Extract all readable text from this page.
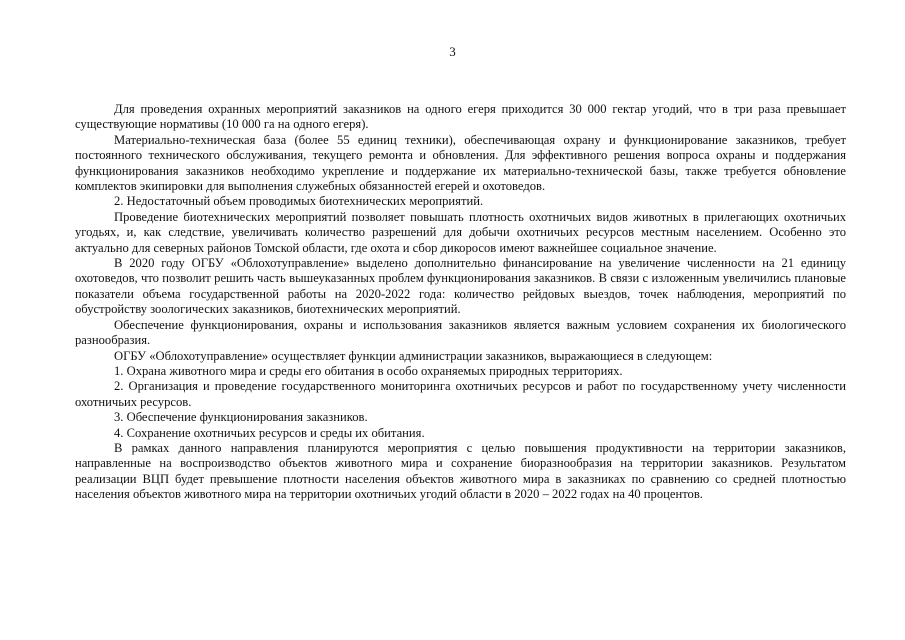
3

Для проведения охранных мероприятий заказников на одного егеря приходится 30 000 гектар угодий, что в три раза превышает существующие нормативы (10 000 га на одного егеря).

Материально-техническая база (более 55 единиц техники), обеспечивающая охрану и функционирование заказников, требует постоянного технического обслуживания, текущего ремонта и обновления. Для эффективного решения вопроса охраны и поддержания функционирования заказников необходимо укрепление и поддержание их материально-технической базы, также требуется обновление комплектов экипировки для выполнения служебных обязанностей егерей и охотоведов.

2. Недостаточный объем проводимых биотехнических мероприятий.

Проведение биотехнических мероприятий позволяет повышать плотность охотничьих видов животных в прилегающих охотничьих угодьях, и, как следствие, увеличивать количество разрешений для добычи охотничьих ресурсов местным населением. Особенно это актуально для северных районов Томской области, где охота и сбор дикоросов имеют важнейшее социальное значение.

В 2020 году ОГБУ «Облохотуправление» выделено дополнительно финансирование на увеличение численности на 21 единицу охотоведов, что позволит решить часть вышеуказанных проблем функционирования заказников. В связи с изложенным увеличились плановые показатели объема государственной работы на 2020-2022 года: количество рейдовых выездов, точек наблюдения, мероприятий по обустройству зоологических заказников, биотехнических мероприятий.

Обеспечение функционирования, охраны и использования заказников является важным условием сохранения их биологического разнообразия.

ОГБУ «Облохотуправление» осуществляет функции администрации заказников, выражающиеся в следующем:

1. Охрана животного мира и среды его обитания в особо охраняемых природных территориях.

2. Организация и проведение государственного мониторинга охотничьих ресурсов и работ по государственному учету численности охотничьих ресурсов.

3. Обеспечение функционирования заказников.

4. Сохранение охотничьих ресурсов и среды их обитания.

В рамках данного направления планируются мероприятия с целью повышения продуктивности на территории заказников, направленные на воспроизводство объектов животного мира и сохранение биоразнообразия на территории заказников. Результатом реализации ВЦП будет превышение плотности населения объектов животного мира в заказниках по сравнению со средней плотностью населения объектов животного мира на территории охотничьих угодий области в 2020 – 2022 годах на 40 процентов.
